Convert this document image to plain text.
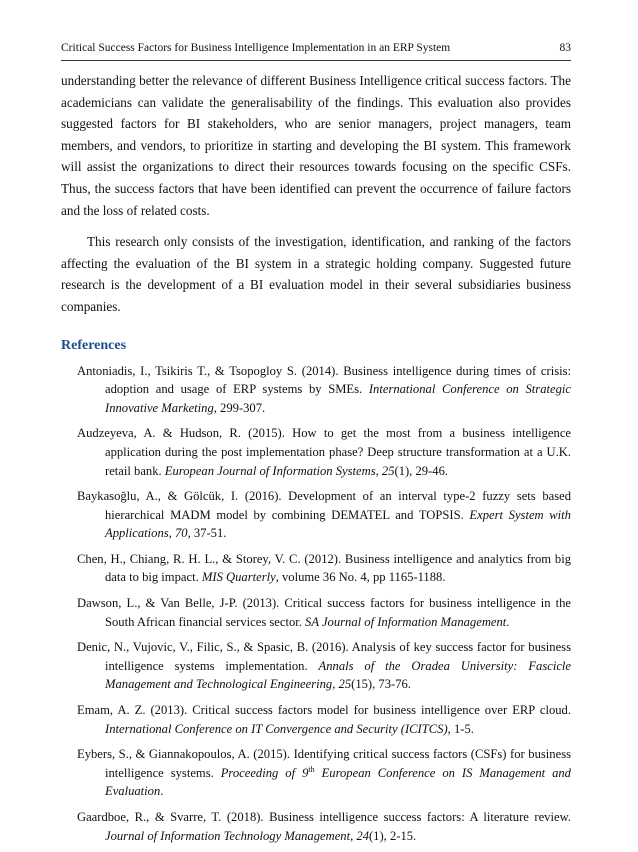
Critical Success Factors for Business Intelligence Implementation in an ERP System	83

understanding better the relevance of different Business Intelligence critical success factors. The academicians can validate the generalisability of the findings. This evaluation also provides suggested factors for BI stakeholders, who are senior managers, project managers, team members, and vendors, to prioritize in starting and developing the BI system. This framework will assist the organizations to direct their resources towards focusing on the specific CSFs. Thus, the success factors that have been identified can prevent the occurrence of failure factors and the loss of related costs.

This research only consists of the investigation, identification, and ranking of the factors affecting the evaluation of the BI system in a strategic holding company. Suggested future research is the development of a BI evaluation model in their several subsidiaries business companies.

References

Antoniadis, I., Tsikiris T., & Tsopogloy S. (2014). Business intelligence during times of crisis: adoption and usage of ERP systems by SMEs. International Conference on Strategic Innovative Marketing, 299-307.

Audzeyeva, A. & Hudson, R. (2015). How to get the most from a business intelligence application during the post implementation phase? Deep structure transformation at a U.K. retail bank. European Journal of Information Systems, 25(1), 29-46.

Baykasoğlu, A., & Gölcük, I. (2016). Development of an interval type-2 fuzzy sets based hierarchical MADM model by combining DEMATEL and TOPSIS. Expert System with Applications, 70, 37-51.

Chen, H., Chiang, R. H. L., & Storey, V. C. (2012). Business intelligence and analytics from big data to big impact. MIS Quarterly, volume 36 No. 4, pp 1165-1188.

Dawson, L., & Van Belle, J-P. (2013). Critical success factors for business intelligence in the South African financial services sector. SA Journal of Information Management.

Denic, N., Vujovic, V., Filic, S., & Spasic, B. (2016). Analysis of key success factor for business intelligence systems implementation. Annals of the Oradea University: Fascicle Management and Technological Engineering, 25(15), 73-76.

Emam, A. Z. (2013). Critical success factors model for business intelligence over ERP cloud. International Conference on IT Convergence and Security (ICITCS), 1-5.

Eybers, S., & Giannakopoulos, A. (2015). Identifying critical success factors (CSFs) for business intelligence systems. Proceeding of 9th European Conference on IS Management and Evaluation.

Gaardboe, R., & Svarre, T. (2018). Business intelligence success factors: A literature review. Journal of Information Technology Management, 24(1), 2-15.
